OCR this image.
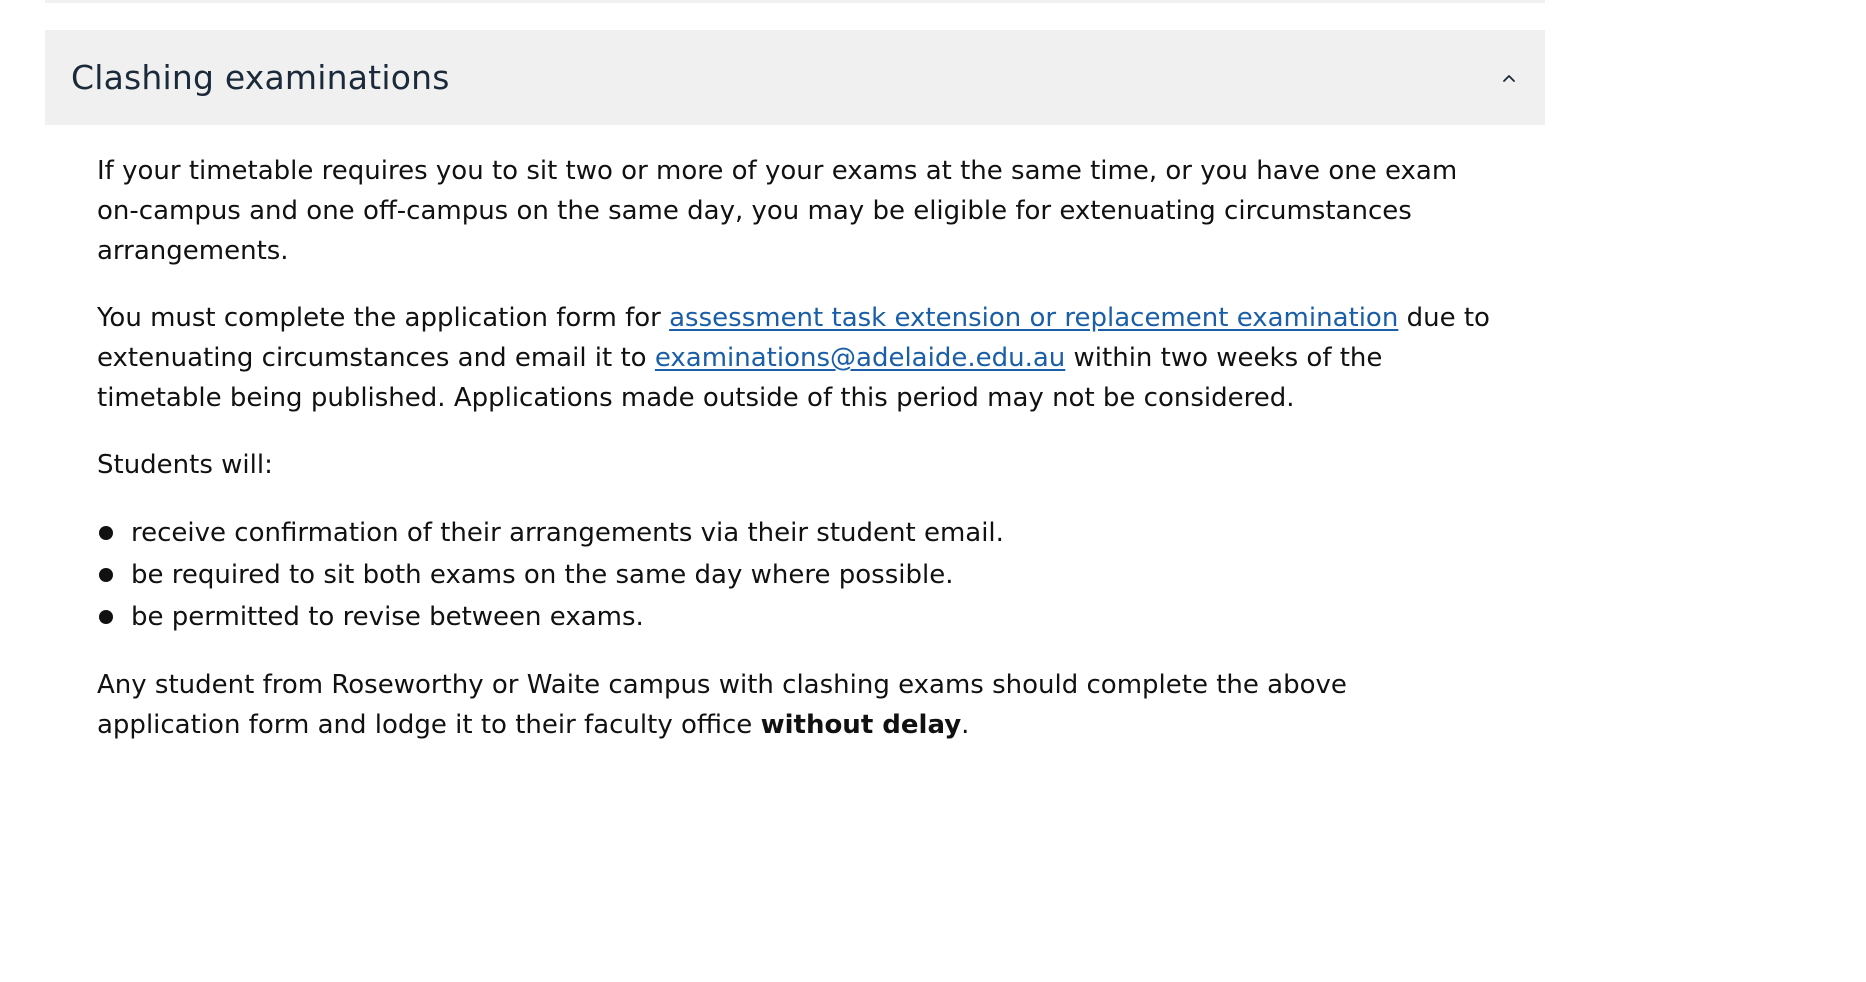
Clashing examinations

If your timetable requires you to sit two or more of your exams at the same time, or you have one exam on-campus and one off-campus on the same day, you may be eligible for extenuating circumstances arrangements.

You must complete the application form for assessment task extension or replacement examination due to extenuating circumstances and email it to examinations@adelaide.edu.au within two weeks of the timetable being published. Applications made outside of this period may not be considered.

Students will:

receive confirmation of their arrangements via their student email.
be required to sit both exams on the same day where possible.
be permitted to revise between exams.

Any student from Roseworthy or Waite campus with clashing exams should complete the above application form and lodge it to their faculty office without delay.
